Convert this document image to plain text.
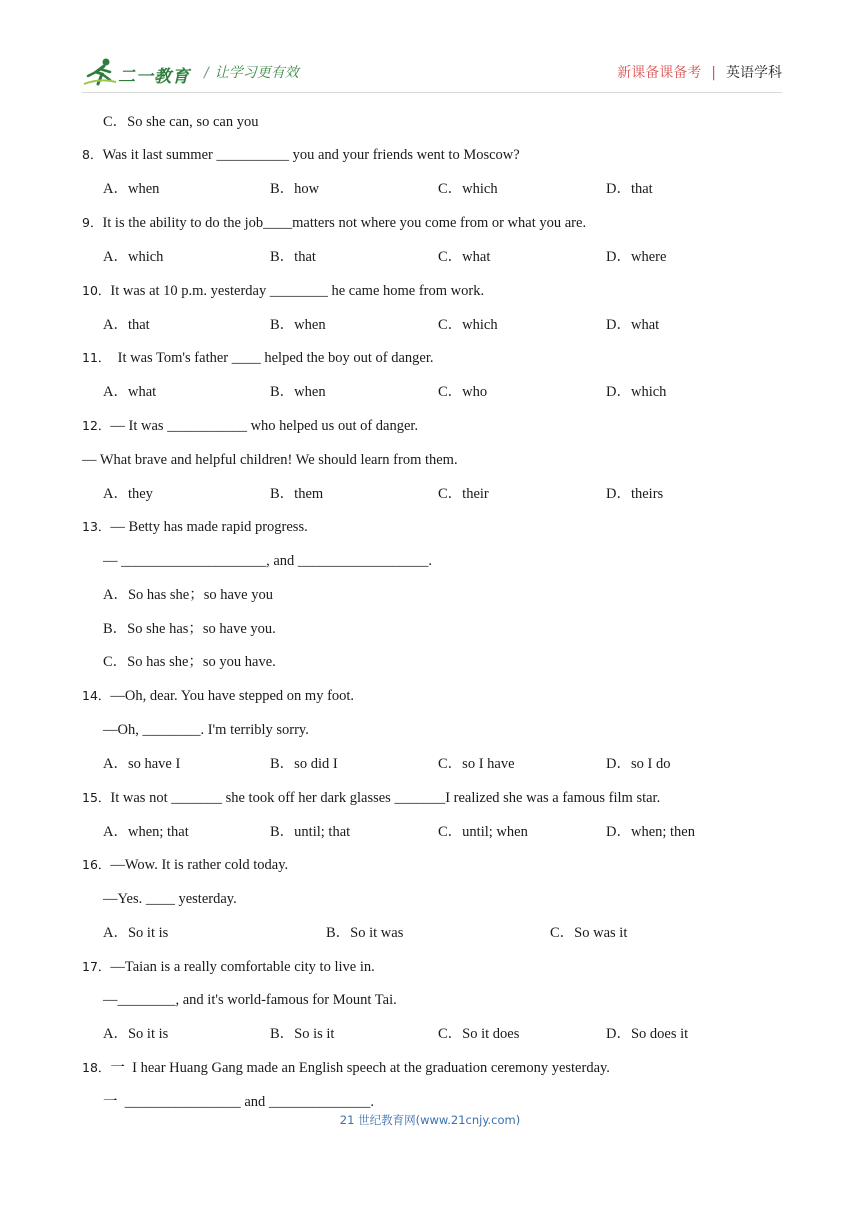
二一教育 / 让学习更有效	新课备课备考 | 英语学科
C．So she can, so can you
8．Was it last summer __________ you and your friends went to Moscow?
A．when	B．how	C．which	D．that
9．It is the ability to do the job____matters not where you come from or what you are.
A．which	B．that	C．what	D．where
10．It was at 10 p.m. yesterday ________ he came home from work.
A．that	B．when	C．which	D．what
11．  It was Tom's father ____ helped the boy out of danger.
A．what	B．when	C．who	D．which
12．— It was ___________ who helped us out of danger.
— What brave and helpful children! We should learn from them.
A．they	B．them	C．their	D．theirs
13．— Betty has made rapid progress.
— ____________________, and __________________.
A．So has she；so have you
B．So she has；so have you.
C．So has she；so you have.
14．—Oh, dear. You have stepped on my foot.
—Oh, ________. I'm terribly sorry.
A．so have I	B．so did I	C．so I have	D．so I do
15．It was not _______ she took off her dark glasses _______I realized she was a famous film star.
A．when; that	B．until; that	C．until; when	D．when; then
16．—Wow. It is rather cold today.
—Yes. ____ yesterday.
A．So it is	B．So it was	C．So was it
17．—Taian is a really comfortable city to live in.
—________, and it's world-famous for Mount Tai.
A．So it is	B．So is it	C．So it does	D．So does it
18．一  I hear Huang Gang made an English speech at the graduation ceremony yesterday.
一  ________________ and ______________.
21 世纪教育网(www.21cnjy.com)
